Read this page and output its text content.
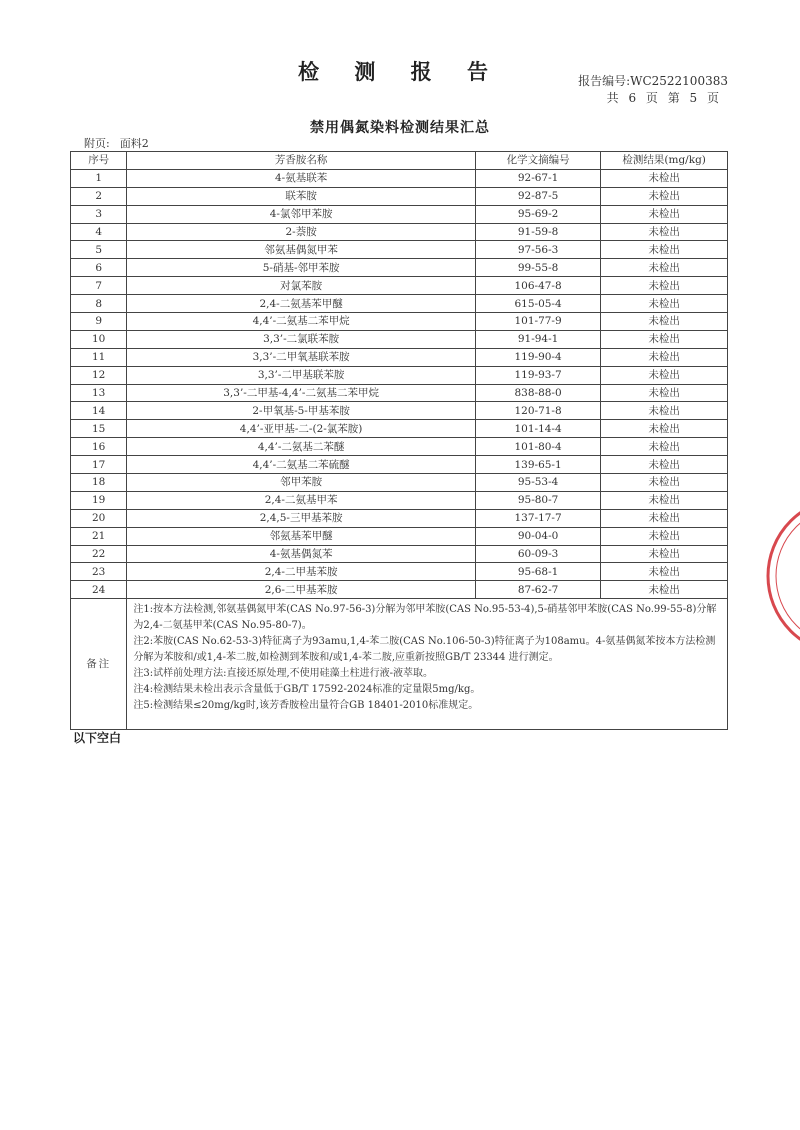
检 测 报 告	报告编号:WC2522100383
共 6 页 第 5 页
禁用偶氮染料检测结果汇总
附页: 面料2
序号	芳香胺名称	化学文摘编号	检测结果(mg/kg)
1	4-氨基联苯	92-67-1	未检出
2	联苯胺	92-87-5	未检出
3	4-氯邻甲苯胺	95-69-2	未检出
4	2-萘胺	91-59-8	未检出
5	邻氨基偶氮甲苯	97-56-3	未检出
6	5-硝基-邻甲苯胺	99-55-8	未检出
7	对氯苯胺	106-47-8	未检出
8	2,4-二氨基苯甲醚	615-05-4	未检出
9	4,4’-二氨基二苯甲烷	101-77-9	未检出
10	3,3’-二氯联苯胺	91-94-1	未检出
11	3,3’-二甲氧基联苯胺	119-90-4	未检出
12	3,3’-二甲基联苯胺	119-93-7	未检出
13	3,3’-二甲基-4,4’-二氨基二苯甲烷	838-88-0	未检出
14	2-甲氧基-5-甲基苯胺	120-71-8	未检出
15	4,4’-亚甲基-二-(2-氯苯胺)	101-14-4	未检出
16	4,4’-二氨基二苯醚	101-80-4	未检出
17	4,4’-二氨基二苯硫醚	139-65-1	未检出
18	邻甲苯胺	95-53-4	未检出
19	2,4-二氨基甲苯	95-80-7	未检出
20	2,4,5-三甲基苯胺	137-17-7	未检出
21	邻氨基苯甲醚	90-04-0	未检出
22	4-氨基偶氮苯	60-09-3	未检出
23	2,4-二甲基苯胺	95-68-1	未检出
24	2,6-二甲基苯胺	87-62-7	未检出
备注	注1:按本方法检测,邻氨基偶氮甲苯(CAS No.97-56-3)分解为邻甲苯胺(CAS No.95-53-4),5-硝基邻甲苯胺(CAS No.99-55-8)分解为2,4-二氨基甲苯(CAS No.95-80-7)。
注2:苯胺(CAS No.62-53-3)特征离子为93amu,1,4-苯二胺(CAS No.106-50-3)特征离子为108amu。4-氨基偶氮苯按本方法检测分解为苯胺和/或1,4-苯二胺,如检测到苯胺和/或1,4-苯二胺,应重新按照GB/T 23344 进行测定。
注3:试样前处理方法:直接还原处理,不使用硅藻土柱进行液-液萃取。
注4:检测结果未检出表示含量低于GB/T 17592-2024标准的定量限5mg/kg。
注5:检测结果≤20mg/kg时,该芳香胺检出量符合GB 18401-2010标准规定。		
以下空白
